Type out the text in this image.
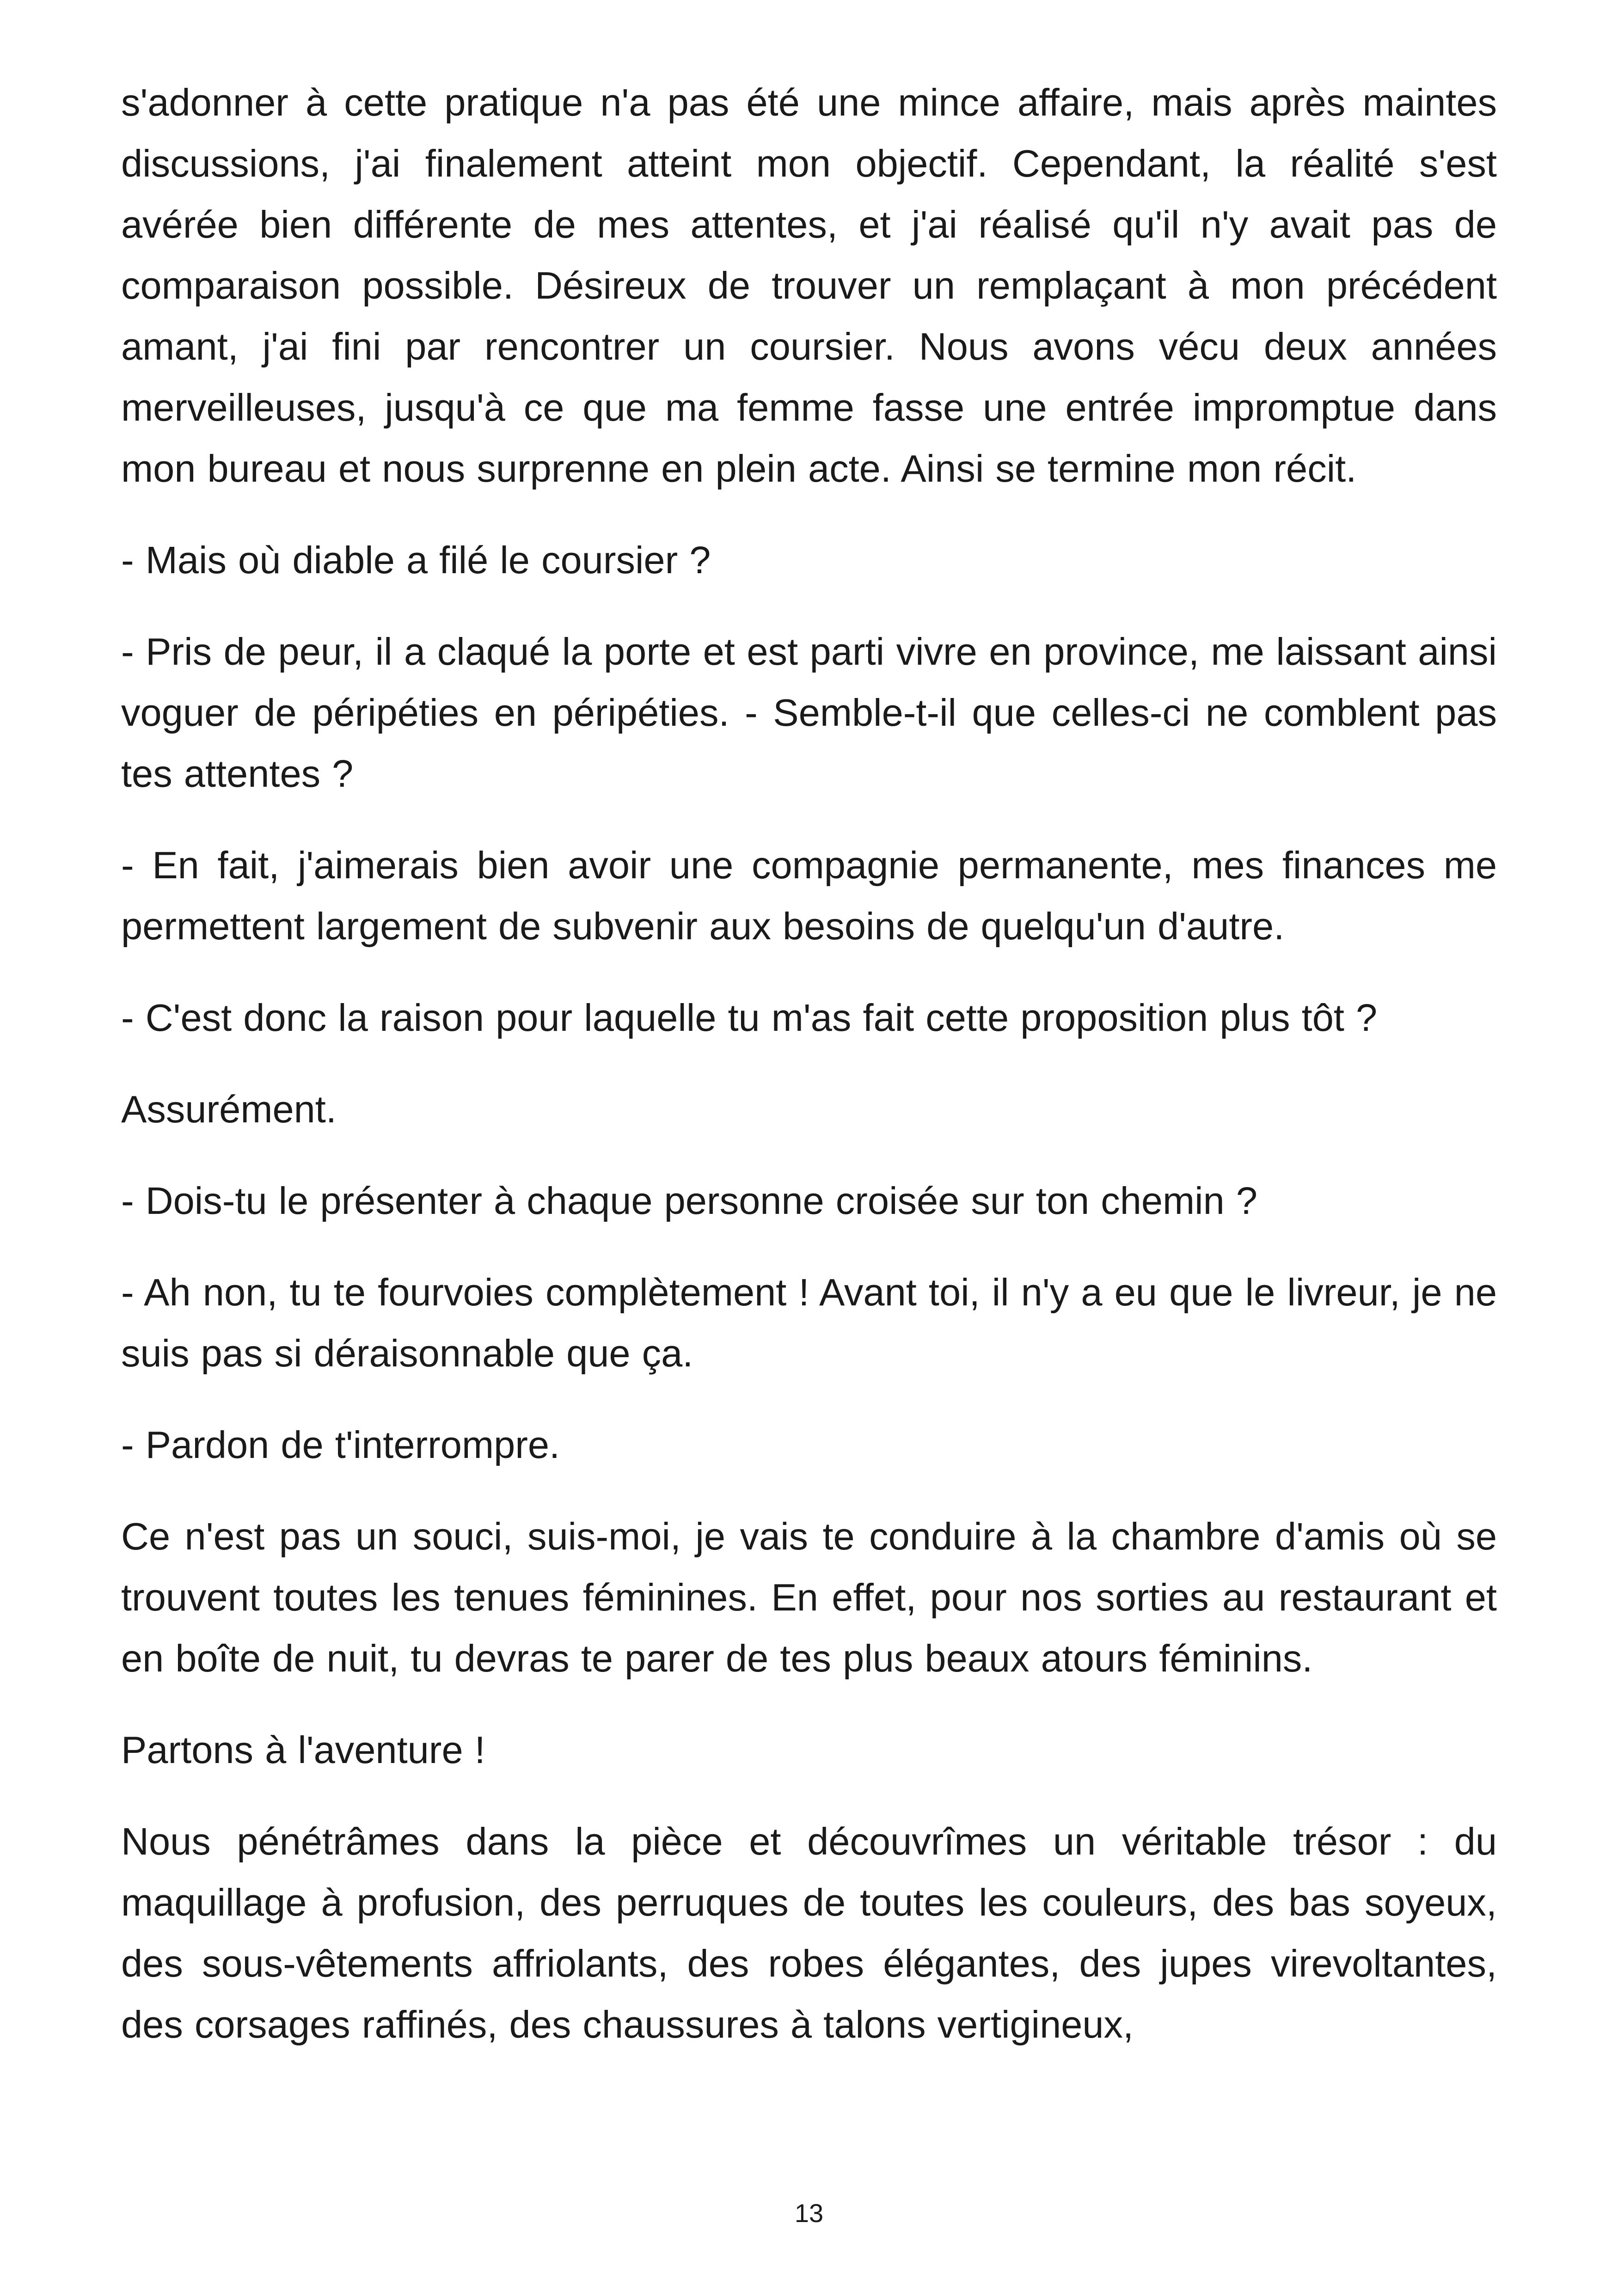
s'adonner à cette pratique n'a pas été une mince affaire, mais après maintes discussions, j'ai finalement atteint mon objectif. Cependant, la réalité s'est avérée bien différente de mes attentes, et j'ai réalisé qu'il n'y avait pas de comparaison possible. Désireux de trouver un remplaçant à mon précédent amant, j'ai fini par rencontrer un coursier. Nous avons vécu deux années merveilleuses, jusqu'à ce que ma femme fasse une entrée impromptue dans mon bureau et nous surprenne en plein acte. Ainsi se termine mon récit.

- Mais où diable a filé le coursier ?

- Pris de peur, il a claqué la porte et est parti vivre en province, me laissant ainsi voguer de péripéties en péripéties. - Semble-t-il que celles-ci ne comblent pas tes attentes ?

- En fait, j'aimerais bien avoir une compagnie permanente, mes finances me permettent largement de subvenir aux besoins de quelqu'un d'autre.

- C'est donc la raison pour laquelle tu m'as fait cette proposition plus tôt ?

Assurément.

- Dois-tu le présenter à chaque personne croisée sur ton chemin ?

- Ah non, tu te fourvoies complètement ! Avant toi, il n'y a eu que le livreur, je ne suis pas si déraisonnable que ça.

- Pardon de t'interrompre.

Ce n'est pas un souci, suis-moi, je vais te conduire à la chambre d'amis où se trouvent toutes les tenues féminines. En effet, pour nos sorties au restaurant et en boîte de nuit, tu devras te parer de tes plus beaux atours féminins.

Partons à l'aventure !

Nous pénétrâmes dans la pièce et découvrîmes un véritable trésor : du maquillage à profusion, des perruques de toutes les couleurs, des bas soyeux, des sous-vêtements affriolants, des robes élégantes, des jupes virevoltantes, des corsages raffinés, des chaussures à talons vertigineux,

13
